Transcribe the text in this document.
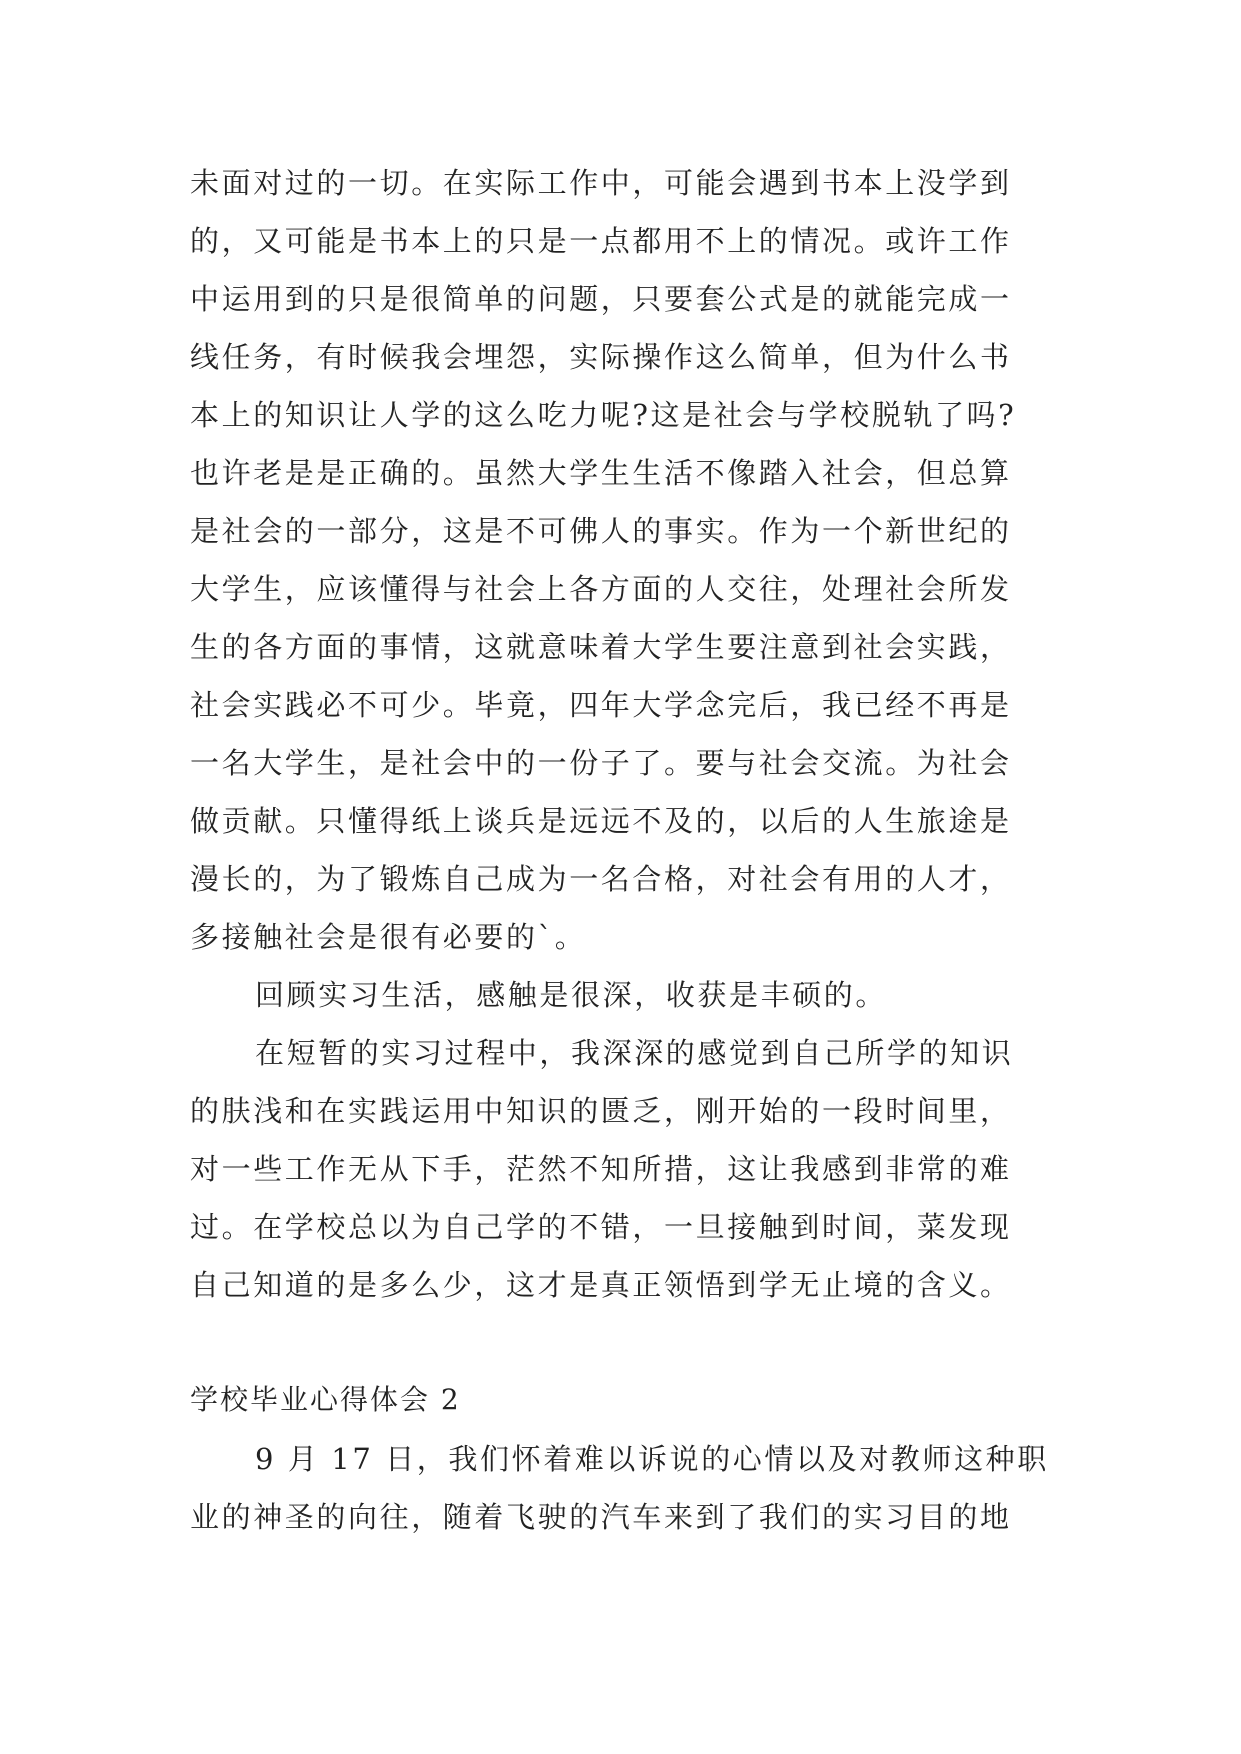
未面对过的一切。在实际工作中，可能会遇到书本上没学到
的，又可能是书本上的只是一点都用不上的情况。或许工作
中运用到的只是很简单的问题，只要套公式是的就能完成一
线任务，有时候我会埋怨，实际操作这么简单，但为什么书
本上的知识让人学的这么吃力呢?这是社会与学校脱轨了吗?
也许老是是正确的。虽然大学生生活不像踏入社会，但总算
是社会的一部分，这是不可佛人的事实。作为一个新世纪的
大学生，应该懂得与社会上各方面的人交往，处理社会所发
生的各方面的事情，这就意味着大学生要注意到社会实践，
社会实践必不可少。毕竟，四年大学念完后，我已经不再是
一名大学生，是社会中的一份子了。要与社会交流。为社会
做贡献。只懂得纸上谈兵是远远不及的，以后的人生旅途是
漫长的，为了锻炼自己成为一名合格，对社会有用的人才，
多接触社会是很有必要的`。
回顾实习生活，感触是很深，收获是丰硕的。
在短暂的实习过程中，我深深的感觉到自己所学的知识
的肤浅和在实践运用中知识的匮乏，刚开始的一段时间里，
对一些工作无从下手，茫然不知所措，这让我感到非常的难
过。在学校总以为自己学的不错，一旦接触到时间，菜发现
自己知道的是多么少，这才是真正领悟到学无止境的含义。
学校毕业心得体会 2
9 月 17 日，我们怀着难以诉说的心情以及对教师这种职
业的神圣的向往，随着飞驶的汽车来到了我们的实习目的地
